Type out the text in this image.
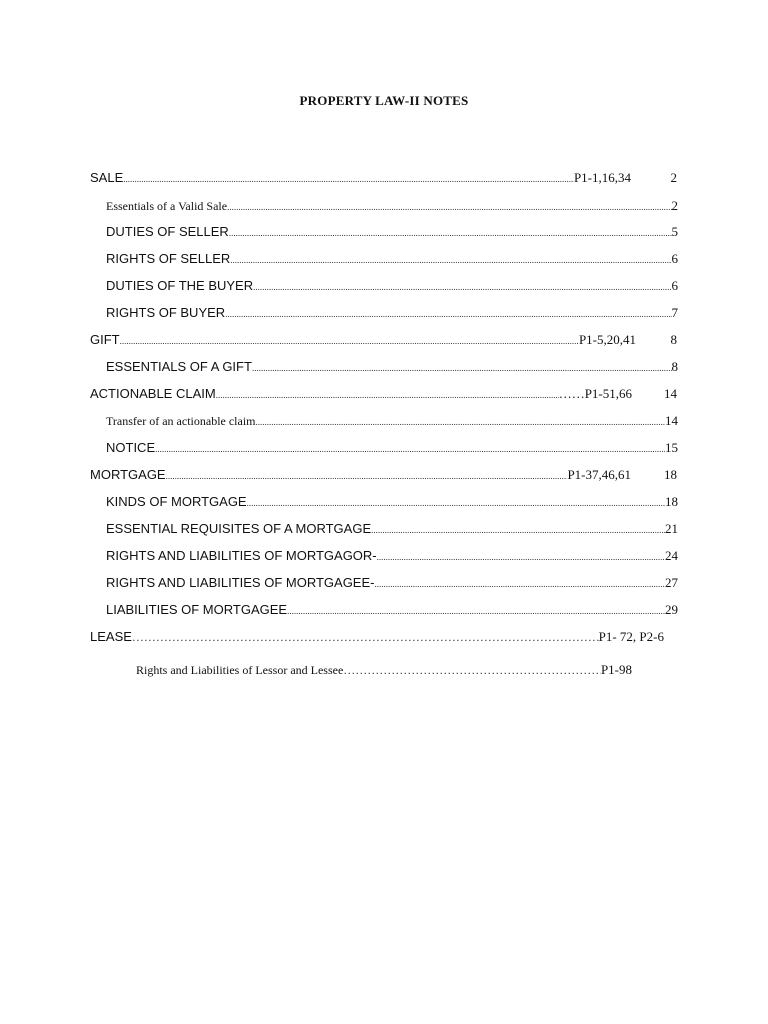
PROPERTY LAW-II NOTES
SALE .....	P1-1,16,34	2
Essentials of a Valid Sale .....	2
DUTIES OF SELLER .....	5
RIGHTS OF SELLER .....	6
DUTIES OF THE BUYER .....	6
RIGHTS OF BUYER .....	7
GIFT .....	P1-5,20,41	8
ESSENTIALS OF A GIFT .....	8
ACTIONABLE CLAIM .....	……P1-51,66	14
Transfer of an actionable claim .....	14
NOTICE .....	15
MORTGAGE .....	P1-37,46,61	18
KINDS OF MORTGAGE .....	18
ESSENTIAL REQUISITES OF A MORTGAGE .....	21
RIGHTS AND LIABILITIES OF MORTGAGOR- .....	24
RIGHTS AND LIABILITIES OF MORTGAGEE- .....	27
LIABILITIES OF MORTGAGEE .....	29
LEASE ……………………………………………………………………………………………………………………………………	P1- 72, P2-6
Rights and Liabilities of Lessor and Lessee ……………………………………………………………………………………………………………………………………	P1-98
